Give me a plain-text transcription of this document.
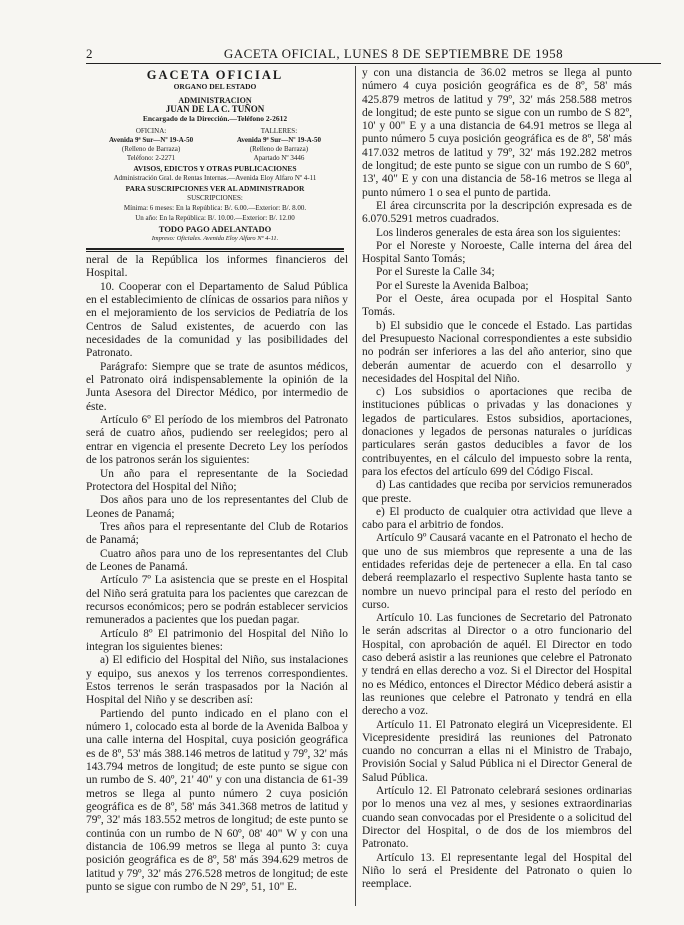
2	GACETA OFICIAL, LUNES 8 DE SEPTIEMBRE DE 1958
GACETA OFICIAL
ORGANO DEL ESTADO
ADMINISTRACION
JUAN DE LA C. TUÑON
Encargado de la Dirección.—Teléfono 2-2612
OFICINA:
Avenida 9ª Sur—Nº 19-A-50
(Relleno de Barraza)
Teléfono: 2-2271
TALLERES:
Avenida 9ª Sur—Nº 19-A-50
(Relleno de Barraza)
Apartado Nº 3446
AVISOS, EDICTOS Y OTRAS PUBLICACIONES
Administración Gral. de Rentas Internas.—Avenida Eloy Alfaro Nº 4-11
PARA SUSCRIPCIONES VER AL ADMINISTRADOR
SUSCRIPCIONES:
Mínima: 6 meses: En la República: B/. 6.00.—Exterior: B/. 8.00.
Un año: En la República: B/. 10.00.—Exterior: B/. 12.00
TODO PAGO ADELANTADO
Impreso: Oficiales. Avenida Eloy Alfaro Nº 4-11.

neral de la República los informes financieros del Hospital.

10. Cooperar con el Departamento de Salud Pública en el establecimiento de clínicas de ossarios para niños y en el mejoramiento de los servicios de Pediatría de los Centros de Salud existentes, de acuerdo con las necesidades de la comunidad y las posibilidades del Patronato.

Parágrafo: Siempre que se trate de asuntos médicos, el Patronato oirá indispensablemente la opinión de la Junta Asesora del Director Médico, por intermedio de éste.

Artículo 6º El período de los miembros del Patronato será de cuatro años, pudiendo ser reelegidos; pero al entrar en vigencia el presente Decreto Ley los períodos de los patronos serán los siguientes:

Un año para el representante de la Sociedad Protectora del Hospital del Niño;

Dos años para uno de los representantes del Club de Leones de Panamá;

Tres años para el representante del Club de Rotarios de Panamá;

Cuatro años para uno de los representantes del Club de Leones de Panamá.

Artículo 7º La asistencia que se preste en el Hospital del Niño será gratuita para los pacientes que carezcan de recursos económicos; pero se podrán establecer servicios remunerados a pacientes que los puedan pagar.

Artículo 8º El patrimonio del Hospital del Niño lo integran los siguientes bienes:

a) El edificio del Hospital del Niño, sus instalaciones y equipo, sus anexos y los terrenos correspondientes. Estos terrenos le serán traspasados por la Nación al Hospital del Niño y se describen así:

Partiendo del punto indicado en el plano con el número 1, colocado esta al borde de la Avenida Balboa y una calle interna del Hospital, cuya posición geográfica es de 8º, 53' más 388.146 metros de latitud y 79º, 32' más 143.794 metros de longitud; de este punto se sigue con un rumbo de S. 40º, 21' 40" y con una distancia de 61-39 metros se llega al punto número 2 cuya posición geográfica es de 8º, 58' más 341.368 metros de latitud y 79º, 32' más 183.552 metros de longitud; de este punto se continúa con un rumbo de N 60º, 08' 40" W y con una distancia de 106.99 metros se llega al punto 3: cuya posición geográfica es de 8º, 58' más 394.629 metros de latitud y 79º, 32' más 276.528 metros de longitud; de este punto se sigue con rumbo de N 29º, 51, 10" E.

y con una distancia de 36.02 metros se llega al punto número 4 cuya posición geográfica es de 8º, 58' más 425.879 metros de latitud y 79º, 32' más 258.588 metros de longitud; de este punto se sigue con un rumbo de S 82º, 10' y 00" E y a una distancia de 64.91 metros se llega al punto número 5 cuya posición geográfica es de 8º, 58' más 417.032 metros de latitud y 79º, 32' más 192.282 metros de longitud; de este punto se sigue con un rumbo de S 60º, 13', 40" E y con una distancia de 58-16 metros se llega al punto número 1 o sea el punto de partida.

El área circunscrita por la descripción expresada es de 6.070.5291 metros cuadrados.

Los linderos generales de esta área son los siguientes:

Por el Noreste y Noroeste, Calle interna del área del Hospital Santo Tomás;

Por el Sureste la Calle 34;

Por el Sureste la Avenida Balboa;

Por el Oeste, área ocupada por el Hospital Santo Tomás.

b) El subsidio que le concede el Estado. Las partidas del Presupuesto Nacional correspondientes a este subsidio no podrán ser inferiores a las del año anterior, sino que deberán aumentar de acuerdo con el desarrollo y necesidades del Hospital del Niño.

c) Los subsidios o aportaciones que reciba de instituciones públicas o privadas y las donaciones y legados de particulares. Estos subsidios, aportaciones, donaciones y legados de personas naturales o jurídicas particulares serán gastos deducibles a favor de los contribuyentes, en el cálculo del impuesto sobre la renta, para los efectos del artículo 699 del Código Fiscal.

d) Las cantidades que reciba por servicios remunerados que preste.

e) El producto de cualquier otra actividad que lleve a cabo para el arbitrio de fondos.

Artículo 9º Causará vacante en el Patronato el hecho de que uno de sus miembros que represente a una de las entidades referidas deje de pertenecer a ella. En tal caso deberá reemplazarlo el respectivo Suplente hasta tanto se nombre un nuevo principal para el resto del período en curso.

Artículo 10. Las funciones de Secretario del Patronato le serán adscritas al Director o a otro funcionario del Hospital, con aprobación de aquél. El Director en todo caso deberá asistir a las reuniones que celebre el Patronato y tendrá en ellas derecho a voz. Si el Director del Hospital no es Médico, entonces el Director Médico deberá asistir a las reuniones que celebre el Patronato y tendrá en ella derecho a voz.

Artículo 11. El Patronato elegirá un Vicepresidente. El Vicepresidente presidirá las reuniones del Patronato cuando no concurran a ellas ni el Ministro de Trabajo, Provisión Social y Salud Pública ni el Director General de Salud Pública.

Artículo 12. El Patronato celebrará sesiones ordinarias por lo menos una vez al mes, y sesiones extraordinarias cuando sean convocadas por el Presidente o a solicitud del Director del Hospital, o de dos de los miembros del Patronato.

Artículo 13. El representante legal del Hospital del Niño lo será el Presidente del Patronato o quien lo reemplace.
